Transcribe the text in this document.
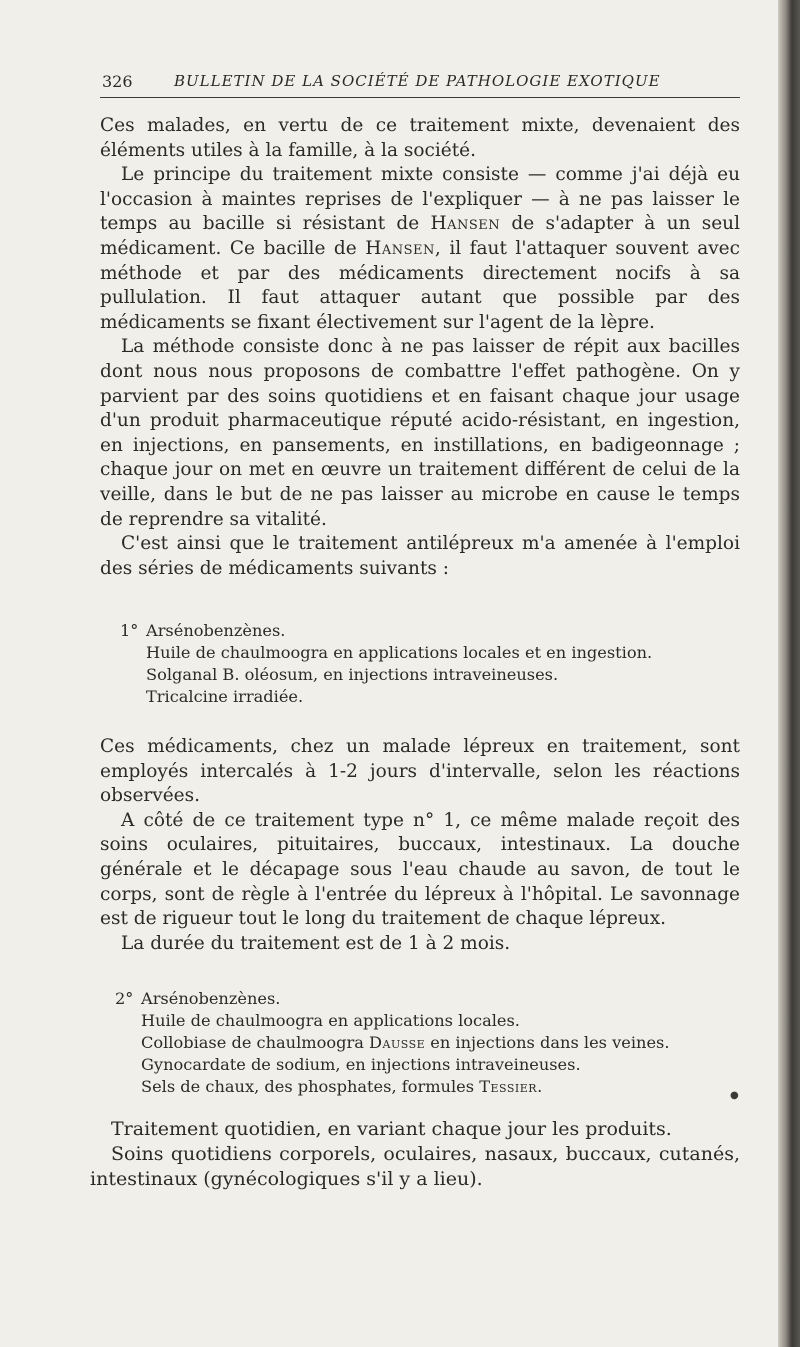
326	BULLETIN DE LA SOCIÉTÉ DE PATHOLOGIE EXOTIQUE

Ces malades, en vertu de ce traitement mixte, devenaient des éléments utiles à la famille, à la société.

Le principe du traitement mixte consiste — comme j'ai déjà eu l'occasion à maintes reprises de l'expliquer — à ne pas laisser le temps au bacille si résistant de Hansen de s'adapter à un seul médicament. Ce bacille de Hansen, il faut l'attaquer souvent avec méthode et par des médicaments directement nocifs à sa pullulation. Il faut attaquer autant que possible par des médicaments se fixant électivement sur l'agent de la lèpre.

La méthode consiste donc à ne pas laisser de répit aux bacilles dont nous nous proposons de combattre l'effet pathogène. On y parvient par des soins quotidiens et en faisant chaque jour usage d'un produit pharmaceutique réputé acido-résistant, en ingestion, en injections, en pansements, en instillations, en badigeonnage ; chaque jour on met en œuvre un traitement différent de celui de la veille, dans le but de ne pas laisser au microbe en cause le temps de reprendre sa vitalité.

C'est ainsi que le traitement antilépreux m'a amenée à l'emploi des séries de médicaments suivants :

1° Arsénobenzènes.
Huile de chaulmoogra en applications locales et en ingestion.
Solganal B. oléosum, en injections intraveineuses.
Tricalcine irradiée.

Ces médicaments, chez un malade lépreux en traitement, sont employés intercalés à 1-2 jours d'intervalle, selon les réactions observées.

A côté de ce traitement type n° 1, ce même malade reçoit des soins oculaires, pituitaires, buccaux, intestinaux. La douche générale et le décapage sous l'eau chaude au savon, de tout le corps, sont de règle à l'entrée du lépreux à l'hôpital. Le savonnage est de rigueur tout le long du traitement de chaque lépreux.

La durée du traitement est de 1 à 2 mois.

2° Arsénobenzènes.
Huile de chaulmoogra en applications locales.
Collobiase de chaulmoogra Dausse en injections dans les veines.
Gynocardate de sodium, en injections intraveineuses.
Sels de chaux, des phosphates, formules Tessier.	●

Traitement quotidien, en variant chaque jour les produits.

Soins quotidiens corporels, oculaires, nasaux, buccaux, cutanés, intestinaux (gynécologiques s'il y a lieu).
